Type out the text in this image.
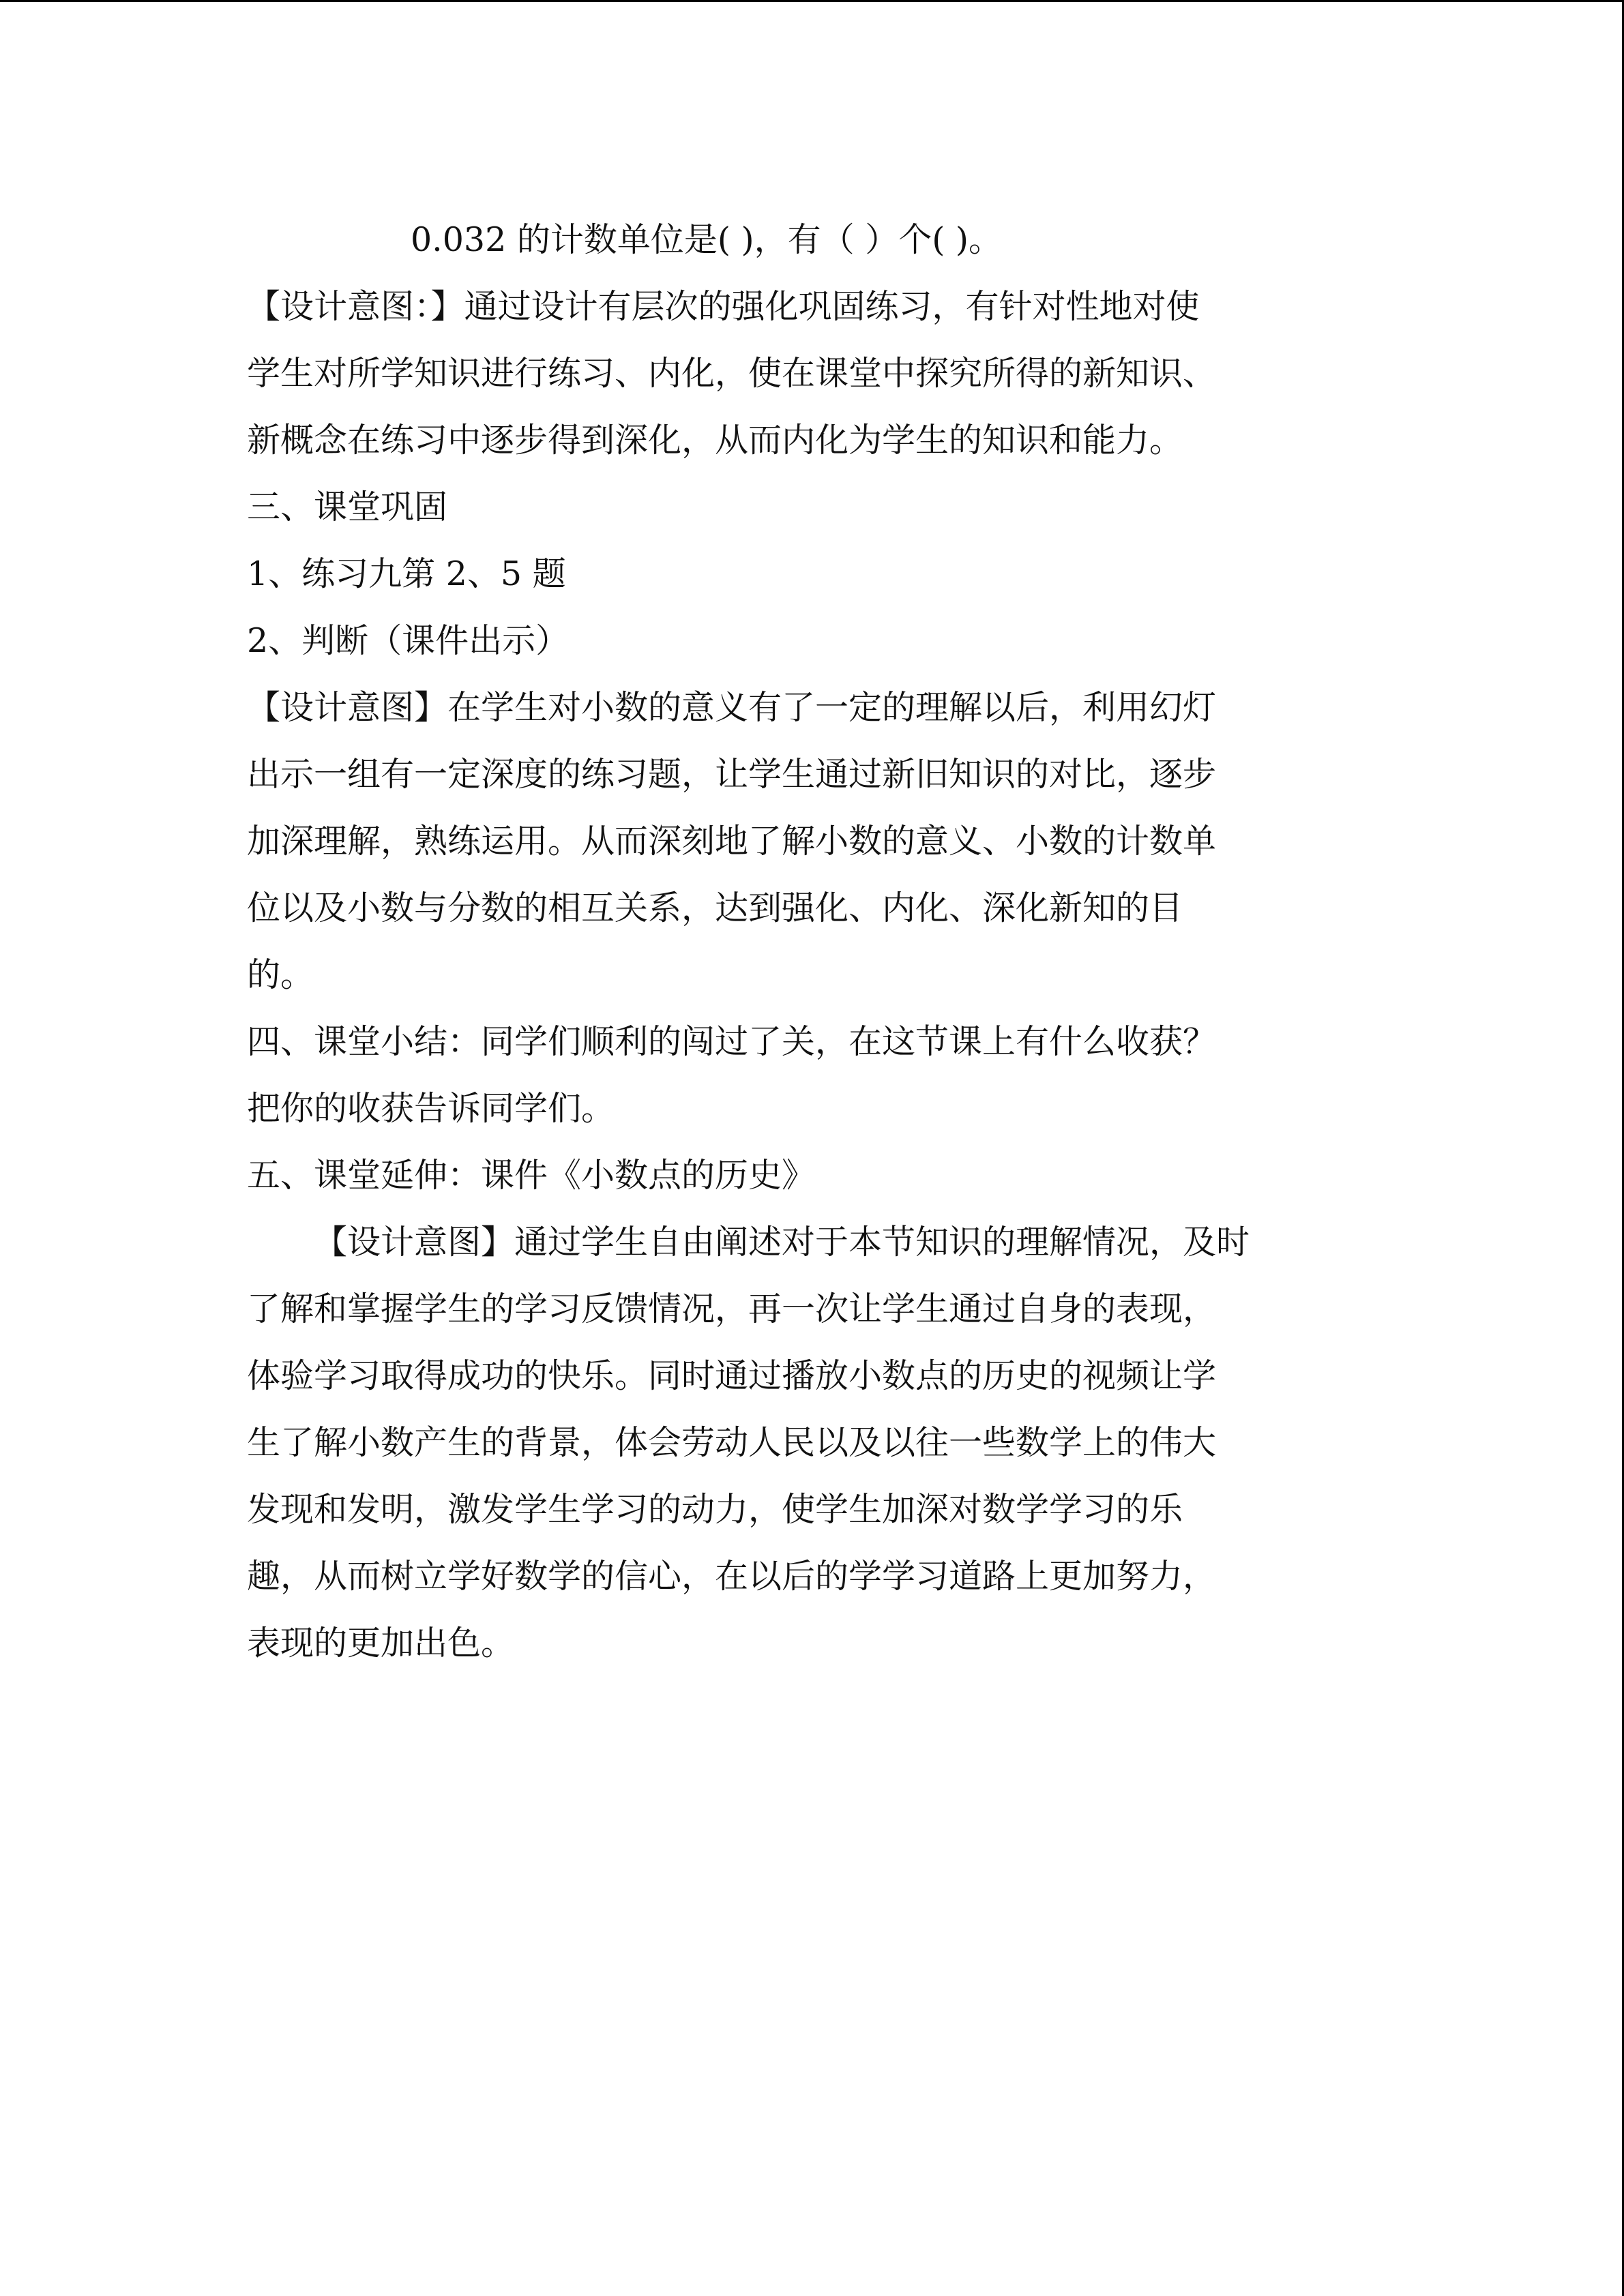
0.032 的计数单位是( )，有（ ）个( )。
【设计意图：】通过设计有层次的强化巩固练习，有针对性地对使
学生对所学知识进行练习、内化，使在课堂中探究所得的新知识、
新概念在练习中逐步得到深化，从而内化为学生的知识和能力。
三、课堂巩固
1、练习九第 2、5 题
2、判断（课件出示）
【设计意图】在学生对小数的意义有了一定的理解以后，利用幻灯
出示一组有一定深度的练习题，让学生通过新旧知识的对比，逐步
加深理解，熟练运用。从而深刻地了解小数的意义、小数的计数单
位以及小数与分数的相互关系，达到强化、内化、深化新知的目
的。
四、课堂小结：同学们顺利的闯过了关，在这节课上有什么收获？
把你的收获告诉同学们。
五、课堂延伸：课件《小数点的历史》
【设计意图】通过学生自由阐述对于本节知识的理解情况，及时
了解和掌握学生的学习反馈情况，再一次让学生通过自身的表现，
体验学习取得成功的快乐。同时通过播放小数点的历史的视频让学
生了解小数产生的背景，体会劳动人民以及以往一些数学上的伟大
发现和发明，激发学生学习的动力，使学生加深对数学学习的乐
趣，从而树立学好数学的信心，在以后的学学习道路上更加努力，
表现的更加出色。
